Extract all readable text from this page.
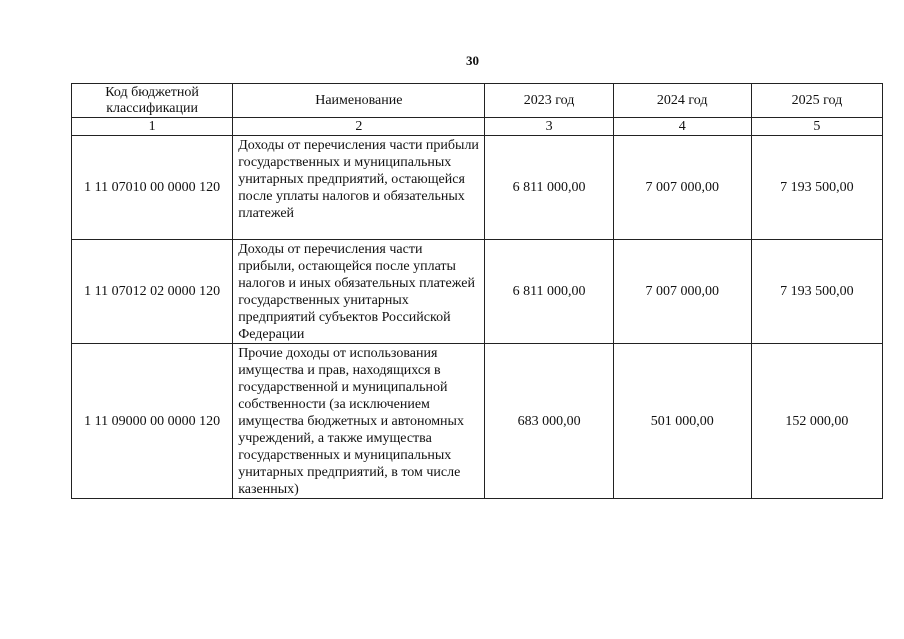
30
Код бюджетной классификации	Наименование	2023 год	2024 год	2025 год
1	2	3	4	5
1 11 07010 00 0000 120	Доходы от перечисления части прибыли государственных и муниципальных унитарных предприятий, остающейся после уплаты налогов и обязательных платежей	6 811 000,00	7 007 000,00	7 193 500,00
1 11 07012 02 0000 120	Доходы от перечисления части прибыли, остающейся после уплаты налогов и иных обязательных платежей государственных унитарных предприятий субъектов Российской Федерации	6 811 000,00	7 007 000,00	7 193 500,00
1 11 09000 00 0000 120	Прочие доходы от использования имущества и прав, находящихся в государственной и муниципальной собственности (за исключением имущества бюджетных и автономных учреждений, а также имущества государственных и муниципальных унитарных предприятий, в том числе казенных)	683 000,00	501 000,00	152 000,00
